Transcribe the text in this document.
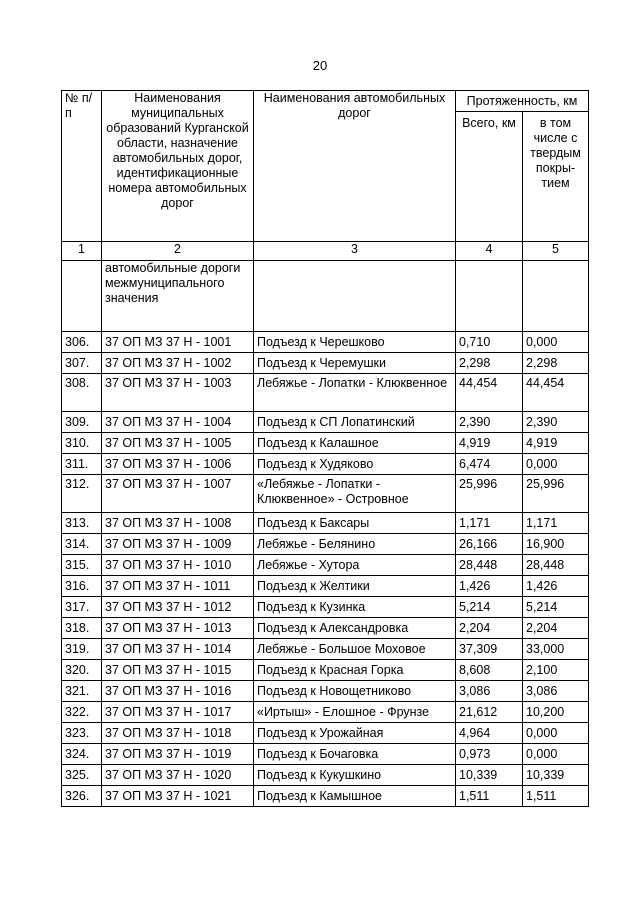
20
№ п/п	Наименования муниципальных образований Курганской области, назначение автомобильных дорог, идентификационные номера автомобильных дорог	Наименования автомобильных дорог	Протяженность, км	
			Всего, км	в том числе с твердым покры-тием
1	2	3	4	5
	автомобильные дороги межмуниципального значения			
306.	37 ОП МЗ 37 Н - 1001	Подъезд к Черешково	0,710	0,000
307.	37 ОП МЗ 37 Н - 1002	Подъезд к Черемушки	2,298	2,298
308.	37 ОП МЗ 37 Н - 1003	Лебяжье - Лопатки - Клюквенное	44,454	44,454
309.	37 ОП МЗ 37 Н - 1004	Подъезд к СП Лопатинский	2,390	2,390
310.	37 ОП МЗ 37 Н - 1005	Подъезд к Калашное	4,919	4,919
311.	37 ОП МЗ 37 Н - 1006	Подъезд к Худяково	6,474	0,000
312.	37 ОП МЗ 37 Н - 1007	«Лебяжье - Лопатки - Клюквенное» - Островное	25,996	25,996
313.	37 ОП МЗ 37 Н - 1008	Подъезд к Баксары	1,171	1,171
314.	37 ОП МЗ 37 Н - 1009	Лебяжье - Белянино	26,166	16,900
315.	37 ОП МЗ 37 Н - 1010	Лебяжье - Хутора	28,448	28,448
316.	37 ОП МЗ 37 Н - 1011	Подъезд к Желтики	1,426	1,426
317.	37 ОП МЗ 37 Н - 1012	Подъезд к Кузинка	5,214	5,214
318.	37 ОП МЗ 37 Н - 1013	Подъезд к Александровка	2,204	2,204
319.	37 ОП МЗ 37 Н - 1014	Лебяжье - Большое Моховое	37,309	33,000
320.	37 ОП МЗ 37 Н - 1015	Подъезд к Красная Горка	8,608	2,100
321.	37 ОП МЗ 37 Н - 1016	Подъезд к Новощетниково	3,086	3,086
322.	37 ОП МЗ 37 Н - 1017	«Иртыш» - Елошное - Фрунзе	21,612	10,200
323.	37 ОП МЗ 37 Н - 1018	Подъезд к Урожайная	4,964	0,000
324.	37 ОП МЗ 37 Н - 1019	Подъезд к Бочаговка	0,973	0,000
325.	37 ОП МЗ 37 Н - 1020	Подъезд к Кукушкино	10,339	10,339
326.	37 ОП МЗ 37 Н - 1021	Подъезд к Камышное	1,511	1,511
